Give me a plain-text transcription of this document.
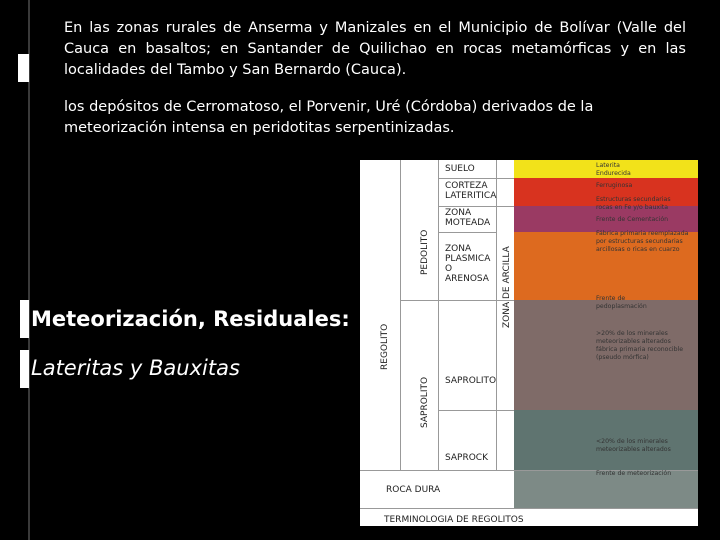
En las zonas rurales de Anserma y Manizales en el Municipio de Bolívar (Valle del Cauca en basaltos; en Santander de Quilichao en rocas metamórficas y en las localidades del Tambo y San Bernardo (Cauca).
los depósitos de Cerromatoso, el Porvenir, Uré (Córdoba) derivados de la meteorización intensa en peridotitas serpentinizadas.
Meteorización, Residuales:
Lateritas y Bauxitas
SUELO
CORTEZA LATERITICA
ZONA MOTEADA
ZONA PLASMICA O ARENOSA
SAPROLITO
SAPROCK
ROCA DURA
TERMINOLOGIA DE REGOLITOS
REGOLITO
PEDOLITO
SAPROLITO
ZONA DE ARCILLA
Laterita
Endurecida
Ferruginosa
Estructuras secundarias
rocas en Fe y/o bauxita
Frente de Cementación
Fábrica primaria reemplazada
por estructuras secundarias
arcillosas o ricas en cuarzo
Frente de
pedoplasmación
>20% de los minerales
meteorizables alterados
fábrica primaria reconocible
(pseudo mórfica)
<20% de los minerales
meteorizables alterados
Frente de meteorización
